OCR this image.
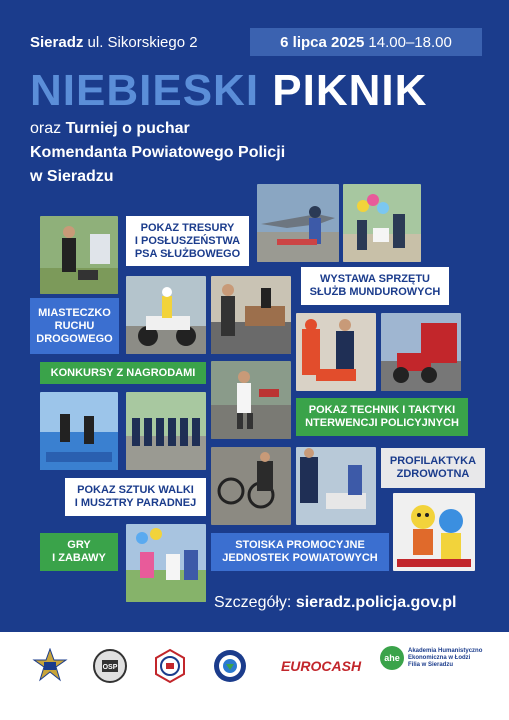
Sieradz ul. Sikorskiego 2	6 lipca 2025 14.00–18.00
NIEBIESKI PIKNIK
oraz Turniej o puchar
Komendanta Powiatowego Policji
w Sieradzu
POKAZ TRESURY
I POSŁUSZEŃSTWA
PSA SŁUŻBOWEGO
WYSTAWA SPRZĘTU
SŁUŻB MUNDUROWYCH
MIASTECZKO
RUCHU
DROGOWEGO
KONKURSY Z NAGRODAMI
POKAZ TECHNIK I TAKTYKI
NTERWENCJI POLICYJNYCH
PROFILAKTYKA
ZDROWOTNA
POKAZ SZTUK WALKI
I MUSZTRY PARADNEJ
GRY
I ZABAWY
STOISKA PROMOCYJNE
JEDNOSTEK POWIATOWYCH
Szczegóły: sieradz.policja.gov.pl
OSP	EUROCASH	ahe
Akademia Humanistyczno
Ekonomiczna w Łodzi
Filia w Sieradzu
